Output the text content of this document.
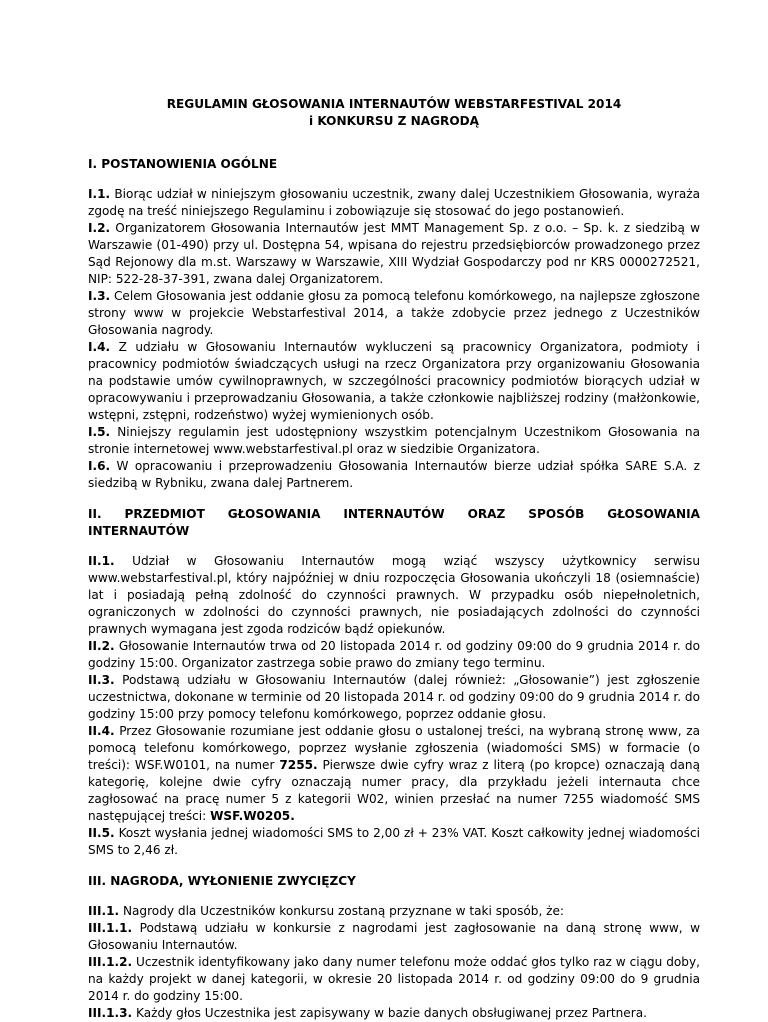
REGULAMIN GŁOSOWANIA INTERNAUTÓW WEBSTARFESTIVAL 2014
i KONKURSU Z NAGRODĄ
I. POSTANOWIENIA OGÓLNE

I.1. Biorąc udział w niniejszym głosowaniu uczestnik, zwany dalej Uczestnikiem Głosowania, wyraża zgodę na treść niniejszego Regulaminu i zobowiązuje się stosować do jego postanowień.

I.2. Organizatorem Głosowania Internautów jest MMT Management Sp. z o.o. – Sp. k. z siedzibą w Warszawie (01-490) przy ul. Dostępna 54, wpisana do rejestru przedsiębiorców prowadzonego przez Sąd Rejonowy dla m.st. Warszawy w Warszawie, XIII Wydział Gospodarczy pod nr KRS 0000272521, NIP: 522-28-37-391, zwana dalej Organizatorem.

I.3. Celem Głosowania jest oddanie głosu za pomocą telefonu komórkowego, na najlepsze zgłoszone strony www w projekcie Webstarfestival 2014, a także zdobycie przez jednego z Uczestników Głosowania nagrody.

I.4. Z udziału w Głosowaniu Internautów wykluczeni są pracownicy Organizatora, podmioty i pracownicy podmiotów świadczących usługi na rzecz Organizatora przy organizowaniu Głosowania na podstawie umów cywilnoprawnych, w szczególności pracownicy podmiotów biorących udział w opracowywaniu i przeprowadzaniu Głosowania, a także członkowie najbliższej rodziny (małżonkowie, wstępni, zstępni, rodzeństwo) wyżej wymienionych osób.

I.5. Niniejszy regulamin jest udostępniony wszystkim potencjalnym Uczestnikom Głosowania na stronie internetowej www.webstarfestival.pl oraz w siedzibie Organizatora.

I.6. W opracowaniu i przeprowadzeniu Głosowania Internautów bierze udział spółka SARE S.A. z siedzibą w Rybniku, zwana dalej Partnerem.

II. PRZEDMIOT GŁOSOWANIA INTERNAUTÓW ORAZ SPOSÓB GŁOSOWANIA
INTERNAUTÓW

II.1. Udział w Głosowaniu Internautów mogą wziąć wszyscy użytkownicy serwisu www.webstarfestival.pl, który najpóźniej w dniu rozpoczęcia Głosowania ukończyli 18 (osiemnaście) lat i posiadają pełną zdolność do czynności prawnych. W przypadku osób niepełnoletnich, ograniczonych w zdolności do czynności prawnych, nie posiadających zdolności do czynności prawnych wymagana jest zgoda rodziców bądź opiekunów.

II.2. Głosowanie Internautów trwa od 20 listopada 2014 r. od godziny 09:00 do 9 grudnia 2014 r. do godziny 15:00. Organizator zastrzega sobie prawo do zmiany tego terminu.

II.3. Podstawą udziału w Głosowaniu Internautów (dalej również: „Głosowanie”) jest zgłoszenie uczestnictwa, dokonane w terminie od 20 listopada 2014 r. od godziny 09:00 do 9 grudnia 2014 r. do godziny 15:00 przy pomocy telefonu komórkowego, poprzez oddanie głosu.

II.4. Przez Głosowanie rozumiane jest oddanie głosu o ustalonej treści, na wybraną stronę www, za pomocą telefonu komórkowego, poprzez wysłanie zgłoszenia (wiadomości SMS) w formacie (o treści): WSF.W0101, na numer 7255. Pierwsze dwie cyfry wraz z literą (po kropce) oznaczają daną kategorię, kolejne dwie cyfry oznaczają numer pracy, dla przykładu jeżeli internauta chce zagłosować na pracę numer 5 z kategorii W02, winien przesłać na numer 7255 wiadomość SMS następującej treści: WSF.W0205.

II.5. Koszt wysłania jednej wiadomości SMS to 2,00 zł + 23% VAT. Koszt całkowity jednej wiadomości SMS to 2,46 zł.

III. NAGRODA, WYŁONIENIE ZWYCIĘZCY

III.1. Nagrody dla Uczestników konkursu zostaną przyznane w taki sposób, że:

III.1.1. Podstawą udziału w konkursie z nagrodami jest zagłosowanie na daną stronę www, w Głosowaniu Internautów.

III.1.2. Uczestnik identyfikowany jako dany numer telefonu może oddać głos tylko raz w ciągu doby, na każdy projekt w danej kategorii, w okresie 20 listopada 2014 r. od godziny 09:00 do 9 grudnia 2014 r. do godziny 15:00.

III.1.3. Każdy głos Uczestnika jest zapisywany w bazie danych obsługiwanej przez Partnera.
